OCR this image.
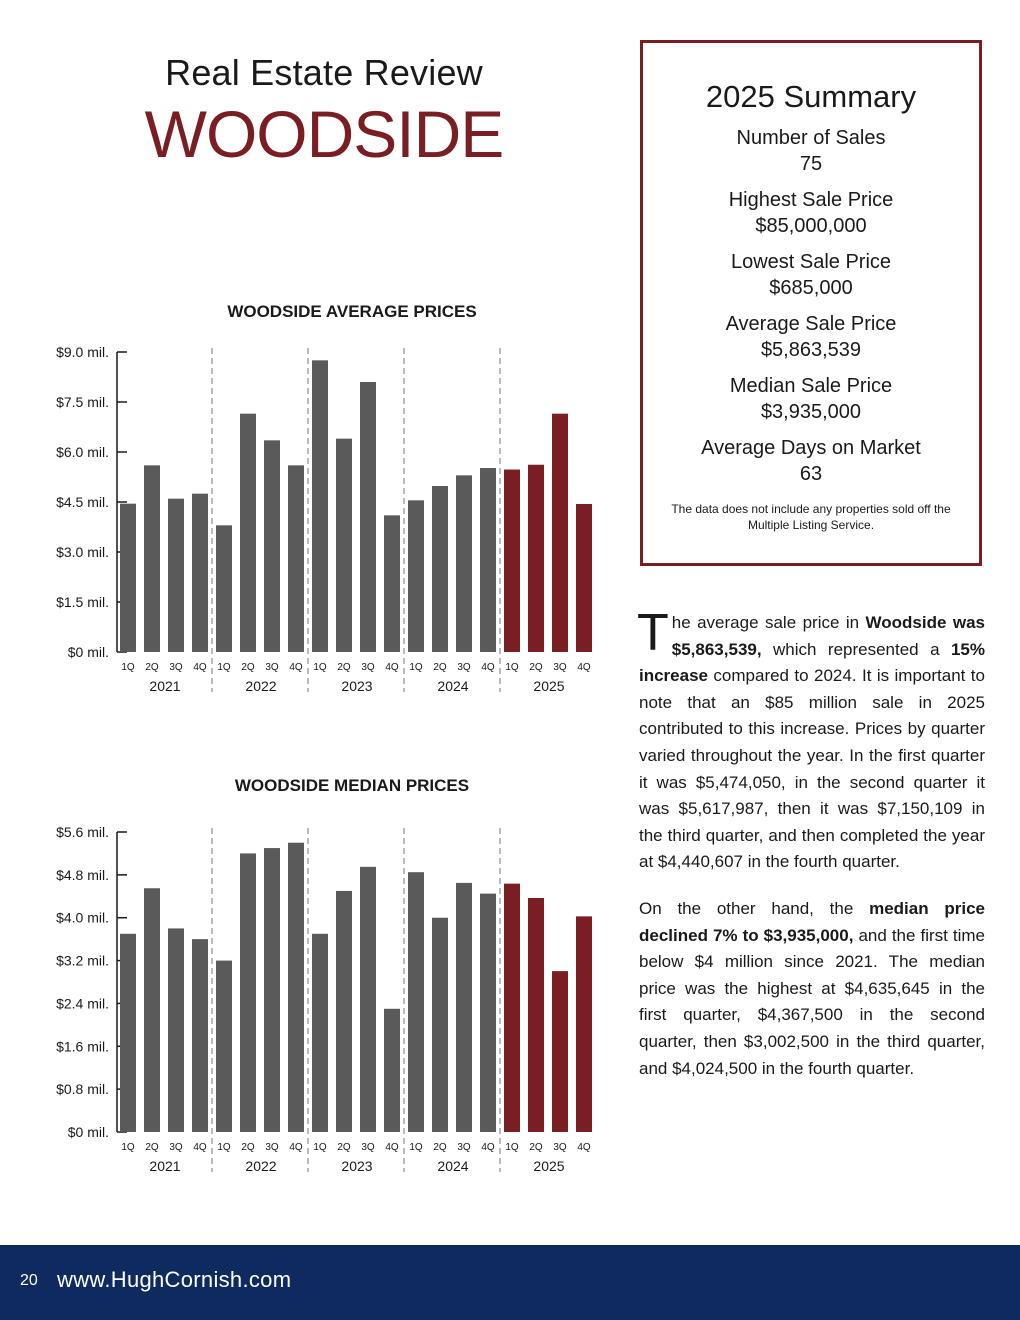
Real Estate Review
WOODSIDE
2025 Summary
Number of Sales
75
Highest Sale Price
$85,000,000
Lowest Sale Price
$685,000
Average Sale Price
$5,863,539
Median Sale Price
$3,935,000
Average Days on Market
63
The data does not include any properties sold off the Multiple Listing Service.
WOODSIDE AVERAGE PRICES
$0 mil.
$1.5 mil.
$3.0 mil.
$4.5 mil.
$6.0 mil.
$7.5 mil.
$9.0 mil.
1Q 2Q 3Q 4Q 1Q 2Q 3Q 4Q 1Q 2Q 3Q 4Q 1Q 2Q 3Q 4Q 1Q 2Q 3Q 4Q
2021	2022	2023	2024	2025
WOODSIDE MEDIAN PRICES
$0 mil.
$0.8 mil.
$1.6 mil.
$2.4 mil.
$3.2 mil.
$4.0 mil.
$4.8 mil.
$5.6 mil.
1Q 2Q 3Q 4Q 1Q 2Q 3Q 4Q 1Q 2Q 3Q 4Q 1Q 2Q 3Q 4Q 1Q 2Q 3Q 4Q
2021	2022	2023	2024	2025

The average sale price in Woodside was $5,863,539, which represented a 15% increase compared to 2024. It is important to note that an $85 million sale in 2025 contributed to this increase. Prices by quarter varied throughout the year. In the first quarter it was $5,474,050, in the second quarter it was $5,617,987, then it was $7,150,109 in the third quarter, and then completed the year at $4,440,607 in the fourth quarter.

On the other hand, the median price declined 7% to $3,935,000, and the first time below $4 million since 2021. The median price was the highest at $4,635,645 in the first quarter, $4,367,500 in the second quarter, then $3,002,500 in the third quarter, and $4,024,500 in the fourth quarter.

20 www.HughCornish.com
